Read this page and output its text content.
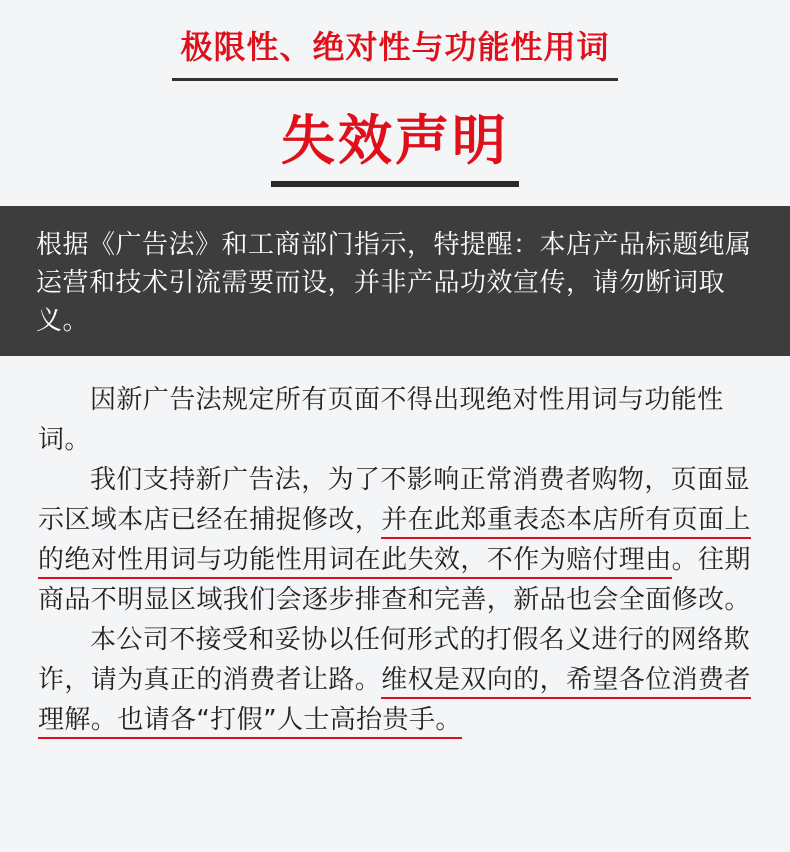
极限性、绝对性与功能性用词
失效声明

根据《广告法》和工商部门指示，特提醒：本店产品标题纯属运营和技术引流需要而设，并非产品功效宣传，请勿断词取义。

因新广告法规定所有页面不得出现绝对性用词与功能性词。

我们支持新广告法，为了不影响正常消费者购物，页面显示区域本店已经在捕捉修改，并在此郑重表态本店所有页面上的绝对性用词与功能性用词在此失效，不作为赔付理由。往期商品不明显区域我们会逐步排查和完善，新品也会全面修改。

本公司不接受和妥协以任何形式的打假名义进行的网络欺诈，请为真正的消费者让路。维权是双向的，希望各位消费者理解。也请各“打假”人士高抬贵手。
